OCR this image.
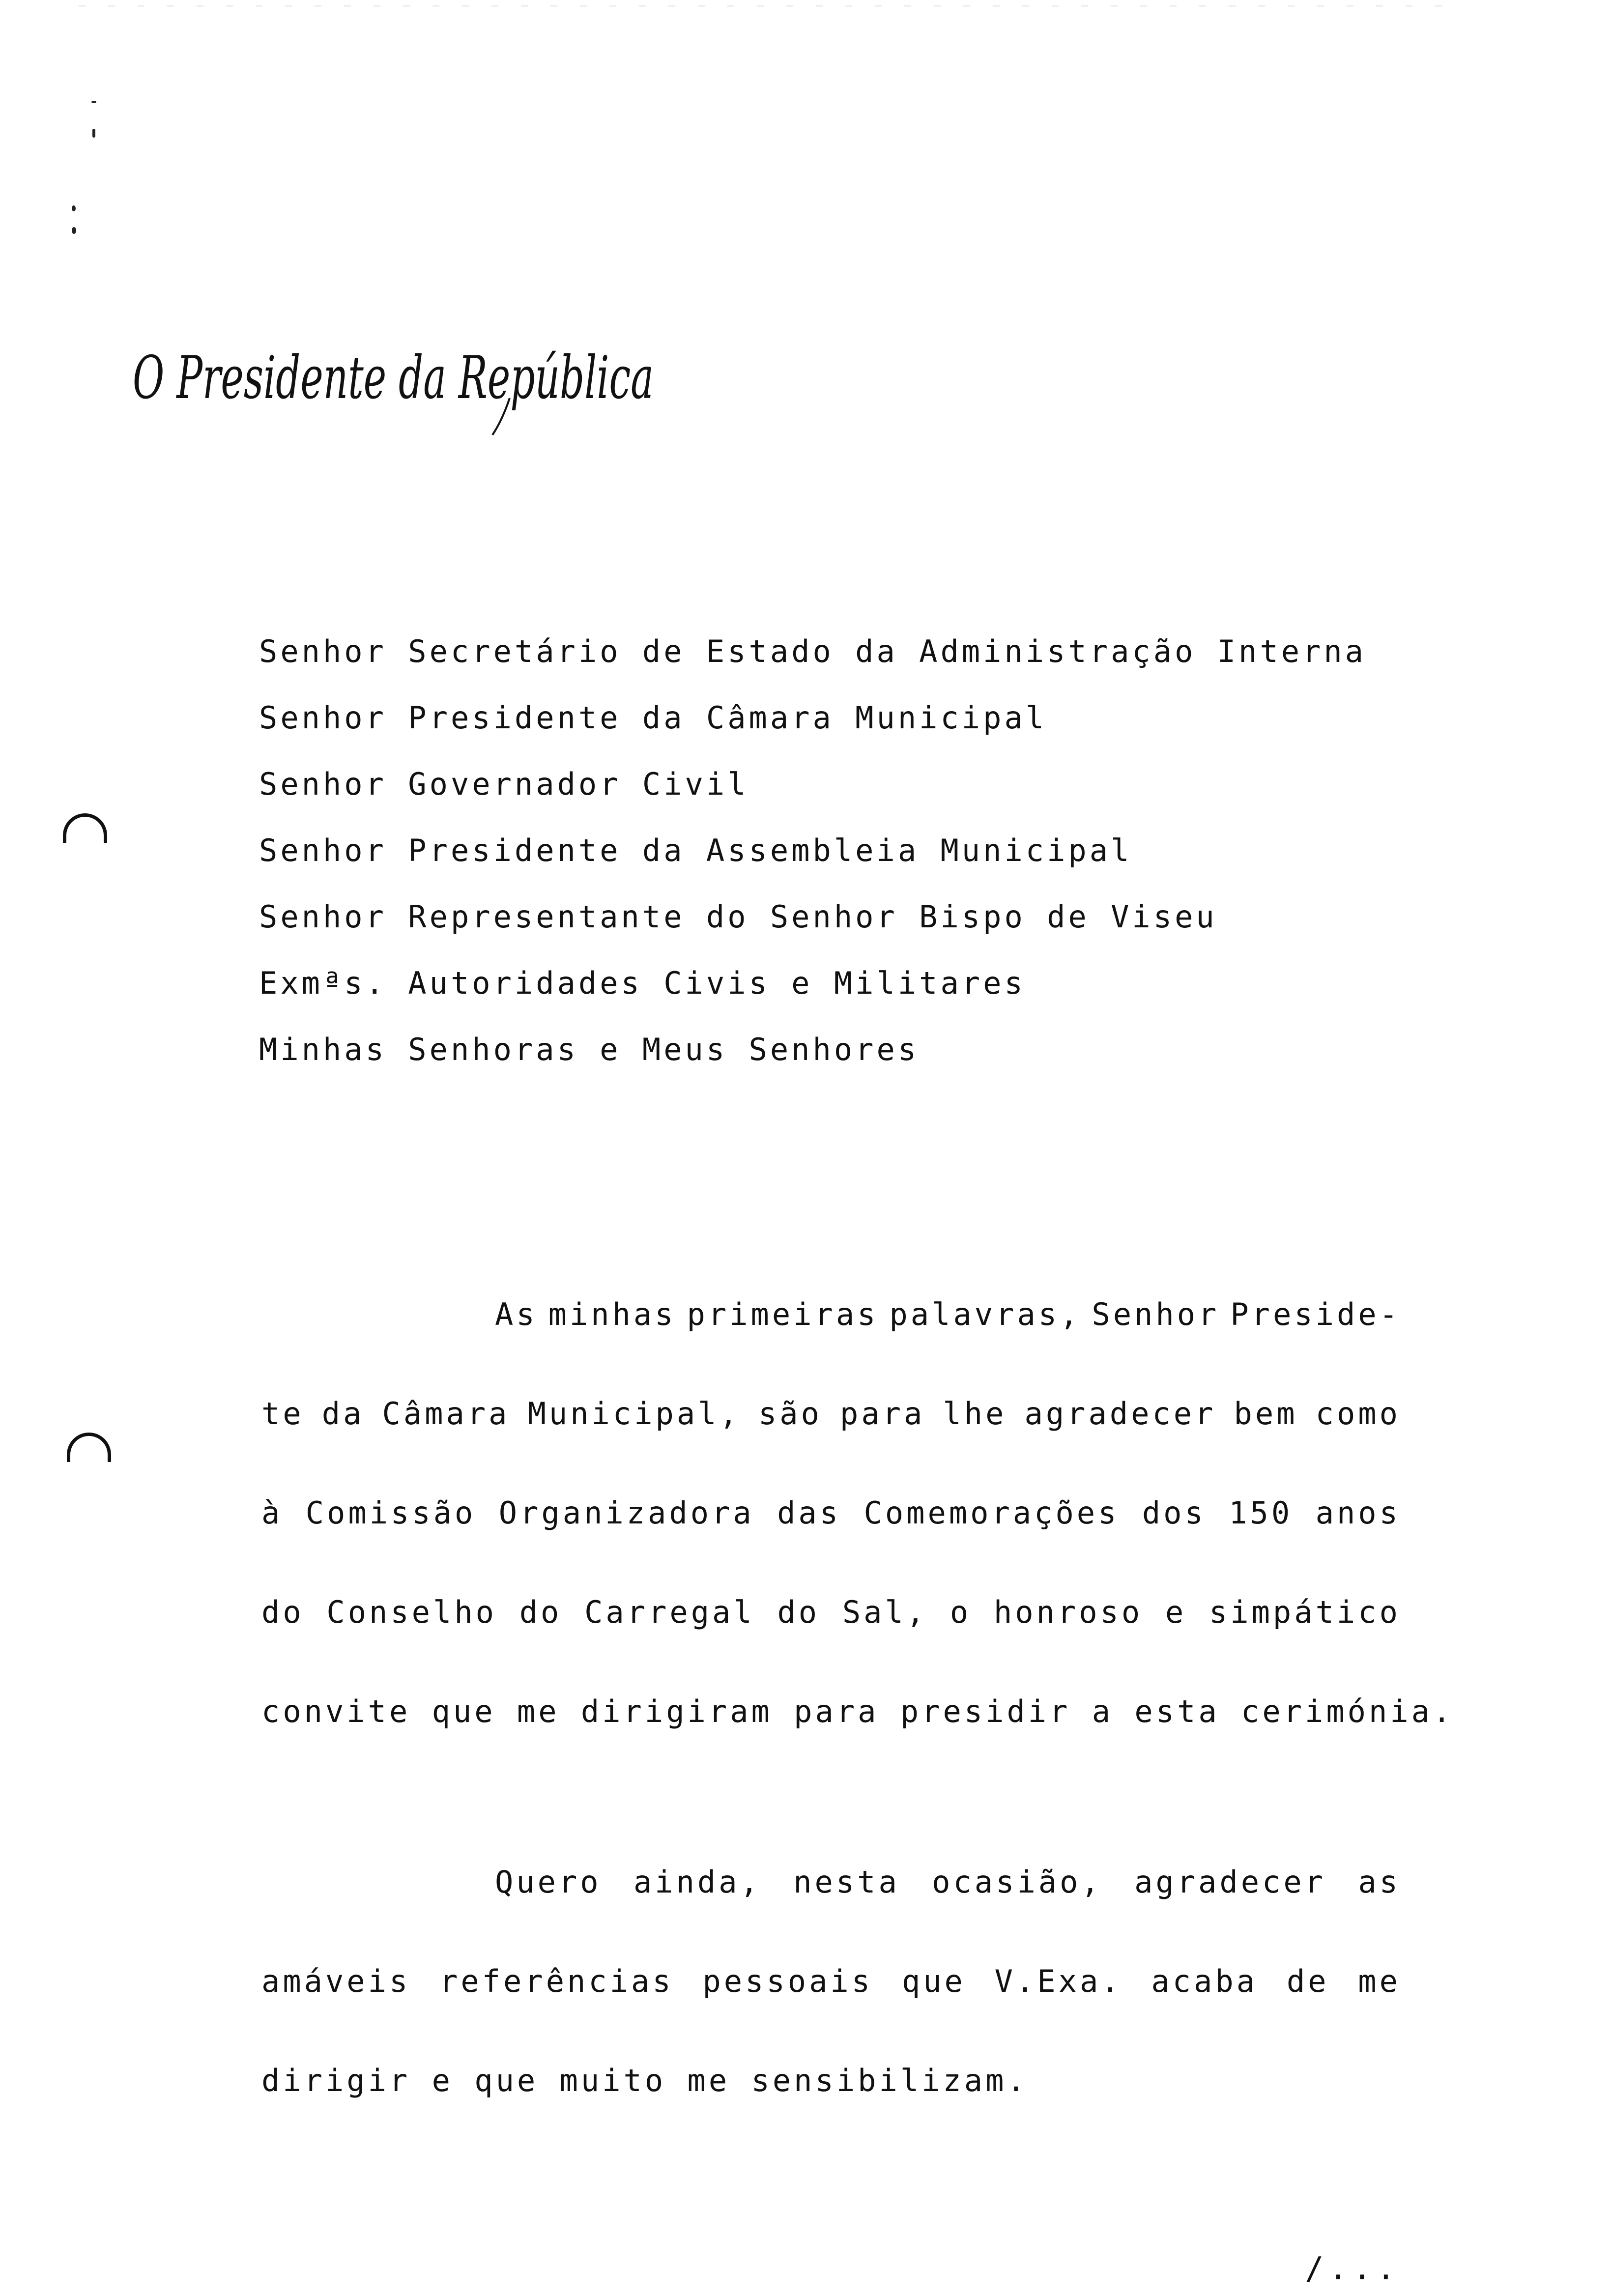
O Presidente da República
Senhor Secretário de Estado da Administração Interna
Senhor Presidente da Câmara Municipal
Senhor Governador Civil
Senhor Presidente da Assembleia Municipal
Senhor Representante do Senhor Bispo de Viseu
Exmªs. Autoridades Civis e Militares
Minhas Senhoras e Meus Senhores
As minhas primeiras palavras, Senhor Preside-
te da Câmara Municipal, são para lhe agradecer bem como
à Comissão Organizadora das Comemorações dos 150 anos
do Conselho do Carregal do Sal, o honroso e simpático
convite que me dirigiram para presidir a esta cerimónia.
Quero ainda, nesta ocasião, agradecer as
amáveis referências pessoais que V.Exa. acaba de me
dirigir e que muito me sensibilizam.
/...
